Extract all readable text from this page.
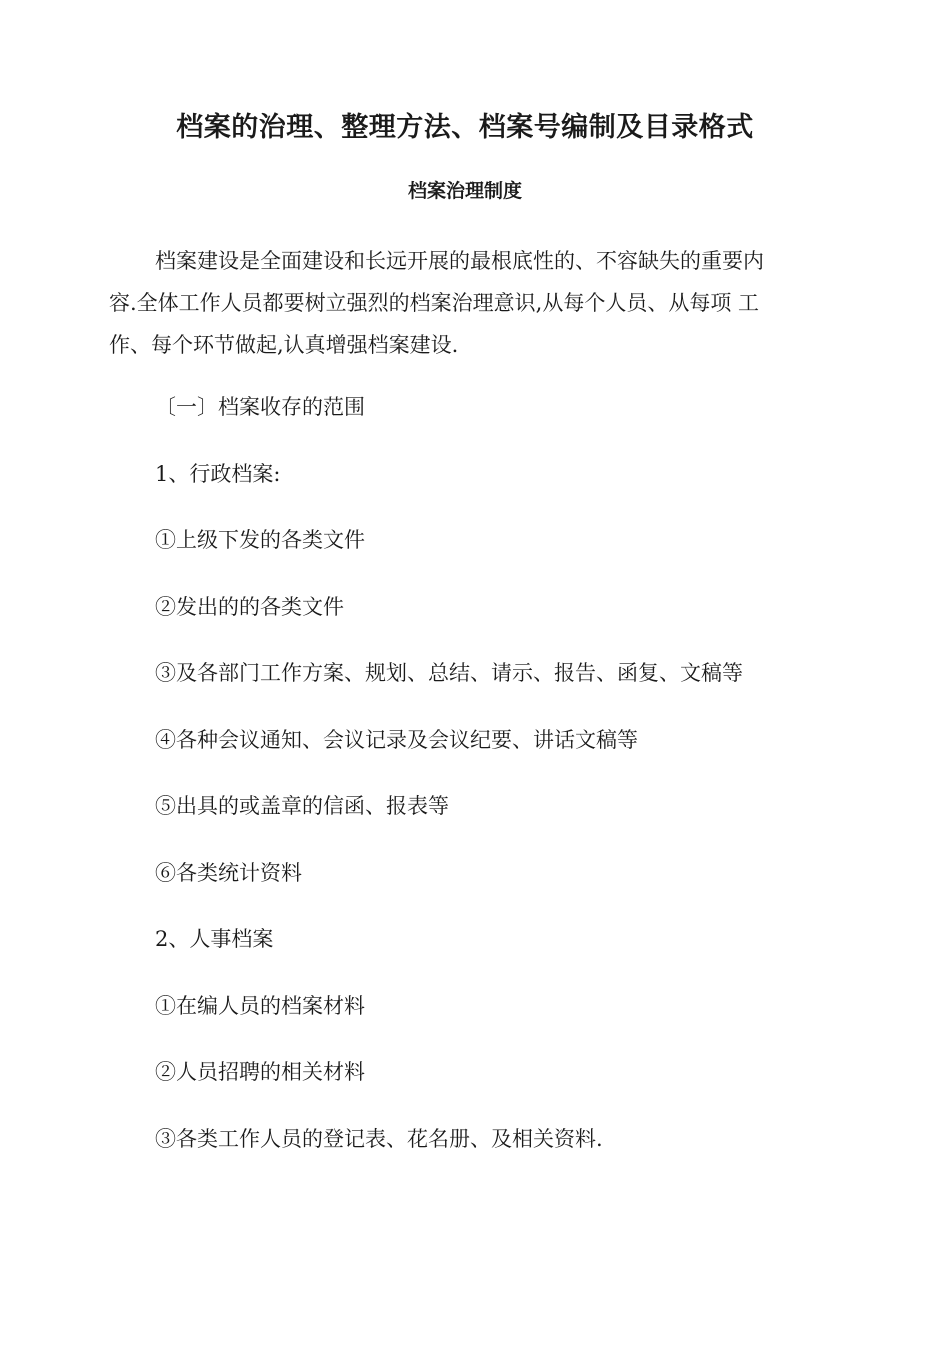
档案的治理、整理方法、档案号编制及目录格式
档案治理制度

档案建设是全面建设和长远开展的最根底性的、不容缺失的重要内
容.全体工作人员都要树立强烈的档案治理意识,从每个人员、从每项 工
作、每个环节做起,认真增强档案建设.

〔一〕档案收存的范围

1、行政档案:

①上级下发的各类文件

②发出的的各类文件

③及各部门工作方案、规划、总结、请示、报告、函复、文稿等

④各种会议通知、会议记录及会议纪要、讲话文稿等

⑤出具的或盖章的信函、报表等

⑥各类统计资料

2、人事档案

①在编人员的档案材料

②人员招聘的相关材料

③各类工作人员的登记表、花名册、及相关资料.
